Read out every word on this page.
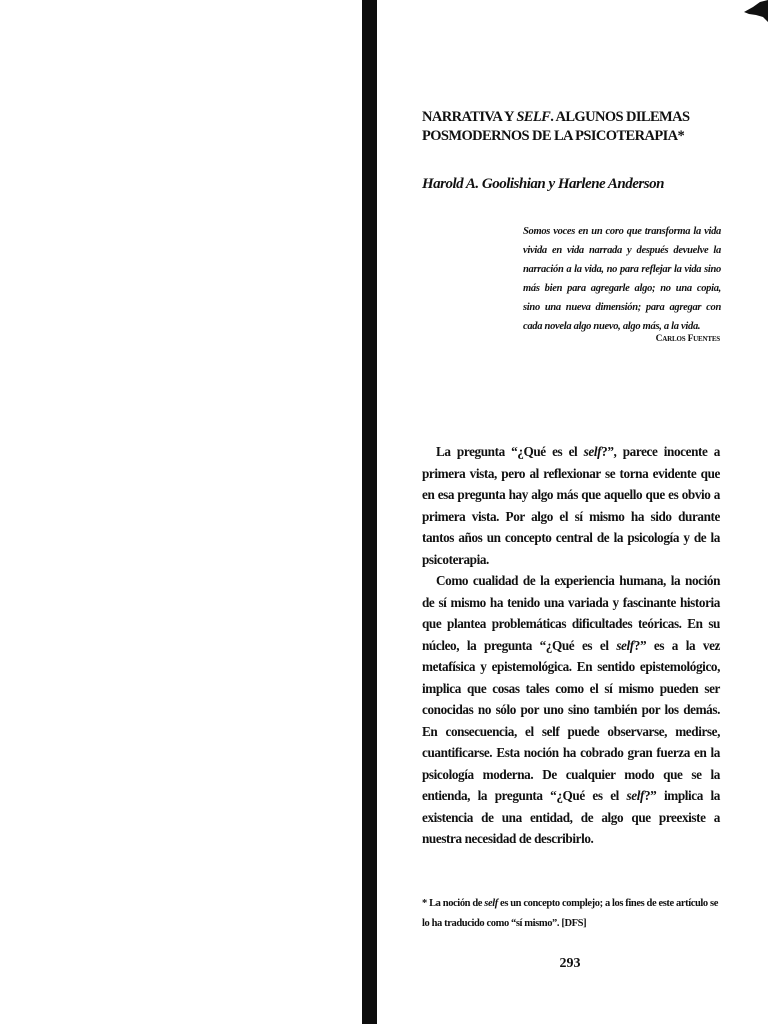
NARRATIVA Y SELF. ALGUNOS DILEMAS POSMODERNOS DE LA PSICOTERAPIA*
Harold A. Goolishian y Harlene Anderson
Somos voces en un coro que transforma la vida vivida en vida narrada y después devuelve la narración a la vida, no para reflejar la vida sino más bien para agregarle algo; no una copia, sino una nueva dimensión; para agregar con cada novela algo nuevo, algo más, a la vida.
Carlos Fuentes

La pregunta “¿Qué es el self?”, parece inocente a primera vista, pero al reflexionar se torna evidente que en esa pregunta hay algo más que aquello que es obvio a primera vista. Por algo el sí mismo ha sido durante tantos años un concepto central de la psicología y de la psicoterapia.

Como cualidad de la experiencia humana, la noción de sí mismo ha tenido una variada y fascinante historia que plantea problemáticas dificultades teóricas. En su núcleo, la pregunta “¿Qué es el self?” es a la vez metafísica y epistemológica. En sentido epistemológico, implica que cosas tales como el sí mismo pueden ser conocidas no sólo por uno sino también por los demás. En consecuencia, el self puede observarse, medirse, cuantificarse. Esta noción ha cobrado gran fuerza en la psicología moderna. De cualquier modo que se la entienda, la pregunta “¿Qué es el self?” implica la existencia de una entidad, de algo que preexiste a nuestra necesidad de describirlo.

* La noción de self es un concepto complejo; a los fines de este artículo se lo ha traducido como “sí mismo”. [DFS]
293
